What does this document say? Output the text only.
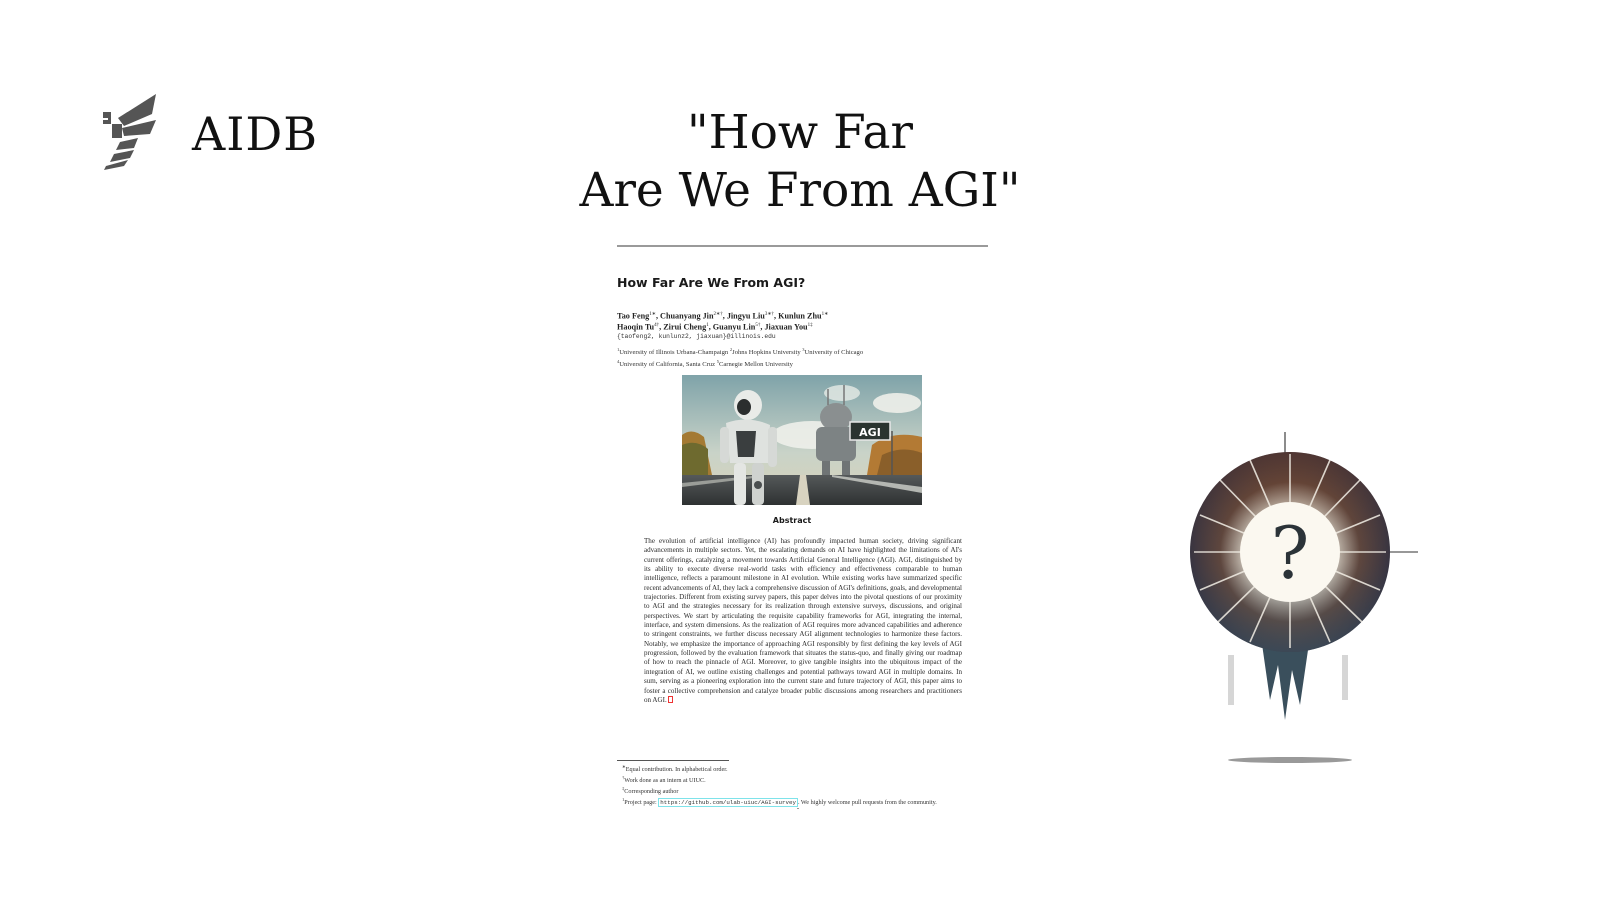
AIDB	"How Far
Are We From AGI"
How Far Are We From AGI?
Tao Feng$^{1∗}$, Chuanyang Jin$^{2∗\dagger}$, Jingyu Liu$^{3∗\dagger}$, Kunlun Zhu$^{1∗}$
Haoqin $Tu^{4\dagger}$, Zirui Cheng$^1$, Guanyu Lin$^{5\dagger}$, Jiaxuan You$^{1\ddagger}$
{taofeng2, kunlunz2, jiaxuan}@illinois.edu
$^1$University of Illinois Urbana-Champaign $^2$Johns Hopkins University $^3$University of Chicago
$^4$University of California, Santa Cruz $^5$Carnegie Mellon University
AGI
Abstract
The evolution of artificial intelligence (AI) has profoundly impacted human society, driving significant advancements in multiple sectors. Yet, the escalating demands on AI have highlighted the limitations of AI's current offerings, catalyzing a movement towards Artificial General Intelligence (AGI). AGI, distinguished by its ability to execute diverse real-world tasks with efficiency and effectiveness comparable to human intelligence, reflects a paramount milestone in AI evolution. While existing works have summarized specific recent advancements of AI, they lack a comprehensive discussion of AGI's definitions, goals, and developmental trajectories. Different from existing survey papers, this paper delves into the pivotal questions of our proximity to AGI and the strategies necessary for its realization through extensive surveys, discussions, and original perspectives. We start by articulating the requisite capability frameworks for AGI, integrating the internal, interface, and system dimensions. As the realization of AGI requires more advanced capabilities and adherence to stringent constraints, we further discuss necessary AGI alignment technologies to harmonize these factors. Notably, we emphasize the importance of approaching AGI responsibly by first defining the key levels of AGI progression, followed by the evaluation framework that situates the status-quo, and finally giving our roadmap of how to reach the pinnacle of AGI. Moreover, to give tangible insights into the ubiquitous impact of the integration of AI, we outline existing challenges and potential pathways toward AGI in multiple domains. In sum, serving as a pioneering exploration into the current state and future trajectory of AGI, this paper aims to foster a collective comprehension and catalyze broader public discussions among researchers and practitioners on AGI.
∗Equal contribution. In alphabetical order.
†Work done as an intern at UIUC.
‡Corresponding author
$^1$Project page: https://github.com/ulab-uiuc/AGI-survey . We highly welcome pull requests from the community.
?
